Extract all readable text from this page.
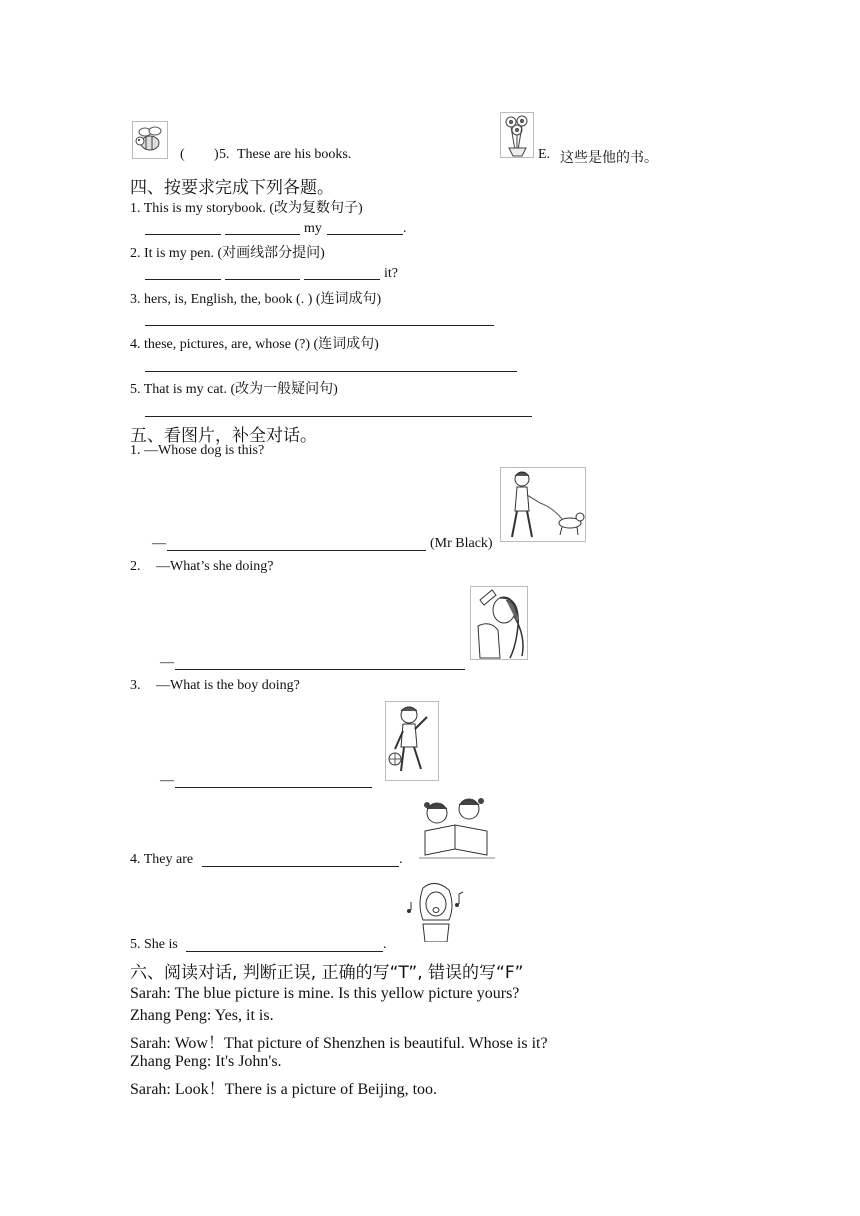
( ) 5. These are his books.	E. 这些是他的书。
四、按要求完成下列各题。
1. This is my storybook. (改为复数句子)
my	.
2. It is my pen. (对画线部分提问)
it?
3. hers, is, English, the, book (. ) (连词成句)
4. these, pictures, are, whose (?) (连词成句)
5. That is my cat. (改为一般疑问句)
五、看图片，补全对话。
1. —Whose dog is this?
—	(Mr Black)
2. —What’s she doing?
—
3. —What is the boy doing?
—
4. They are	.
5. She is	.
六、阅读对话, 判断正误, 正确的写“T”, 错误的写“F”
Sarah: The blue picture is mine. Is this yellow picture yours?
Zhang Peng: Yes, it is.
Sarah: Wow！That picture of Shenzhen is beautiful. Whose is it?
Zhang Peng: It's John's.
Sarah: Look！There is a picture of Beijing, too.
